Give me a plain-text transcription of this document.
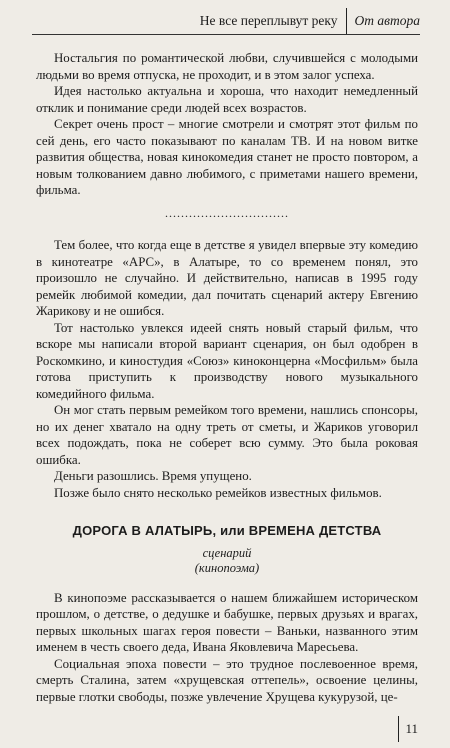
Не все переплывут реку От автора

Ностальгия по романтической любви, случившейся с молодыми людьми во время отпуска, не проходит, и в этом залог успеха.

Идея настолько актуальна и хороша, что находит немедленный отклик и понимание среди людей всех возрастов.

Секрет очень прост – многие смотрели и смотрят этот фильм по сей день, его часто показывают по каналам ТВ. И на новом витке развития общества, новая кинокомедия станет не просто повтором, а новым толкованием давно любимого, с приметами нашего времени, фильма.

...............................

Тем более, что когда еще в детстве я увидел впервые эту комедию в кинотеатре «АРС», в Алатыре, то со временем понял, это произошло не случайно. И действительно, написав в 1995 году ремейк любимой комедии, дал почитать сценарий актеру Евгению Жарикову и не ошибся.

Тот настолько увлекся идеей снять новый старый фильм, что вскоре мы написали второй вариант сценария, он был одобрен в Роскомкино, и киностудия «Союз» киноконцерна «Мосфильм» была готова приступить к производству нового музыкального комедийного фильма.

Он мог стать первым ремейком того времени, нашлись спонсоры, но их денег хватало на одну треть от сметы, и Жариков уговорил всех подождать, пока не соберет всю сумму. Это была роковая ошибка.

Деньги разошлись. Время упущено.

Позже было снято несколько ремейков известных фильмов.

ДОРОГА В АЛАТЫРЬ, или ВРЕМЕНА ДЕТСТВА
сценарий
(кинопоэма)

В кинопоэме рассказывается о нашем ближайшем историческом прошлом, о детстве, о дедушке и бабушке, первых друзьях и врагах, первых школьных шагах героя повести – Ваньки, названного этим именем в честь своего деда, Ивана Яковлевича Маресьева.

Социальная эпоха повести – это трудное послевоенное время, смерть Сталина, затем «хрущевская оттепель», освоение целины, первые глотки свободы, позже увлечение Хрущева кукурузой, це-

11
